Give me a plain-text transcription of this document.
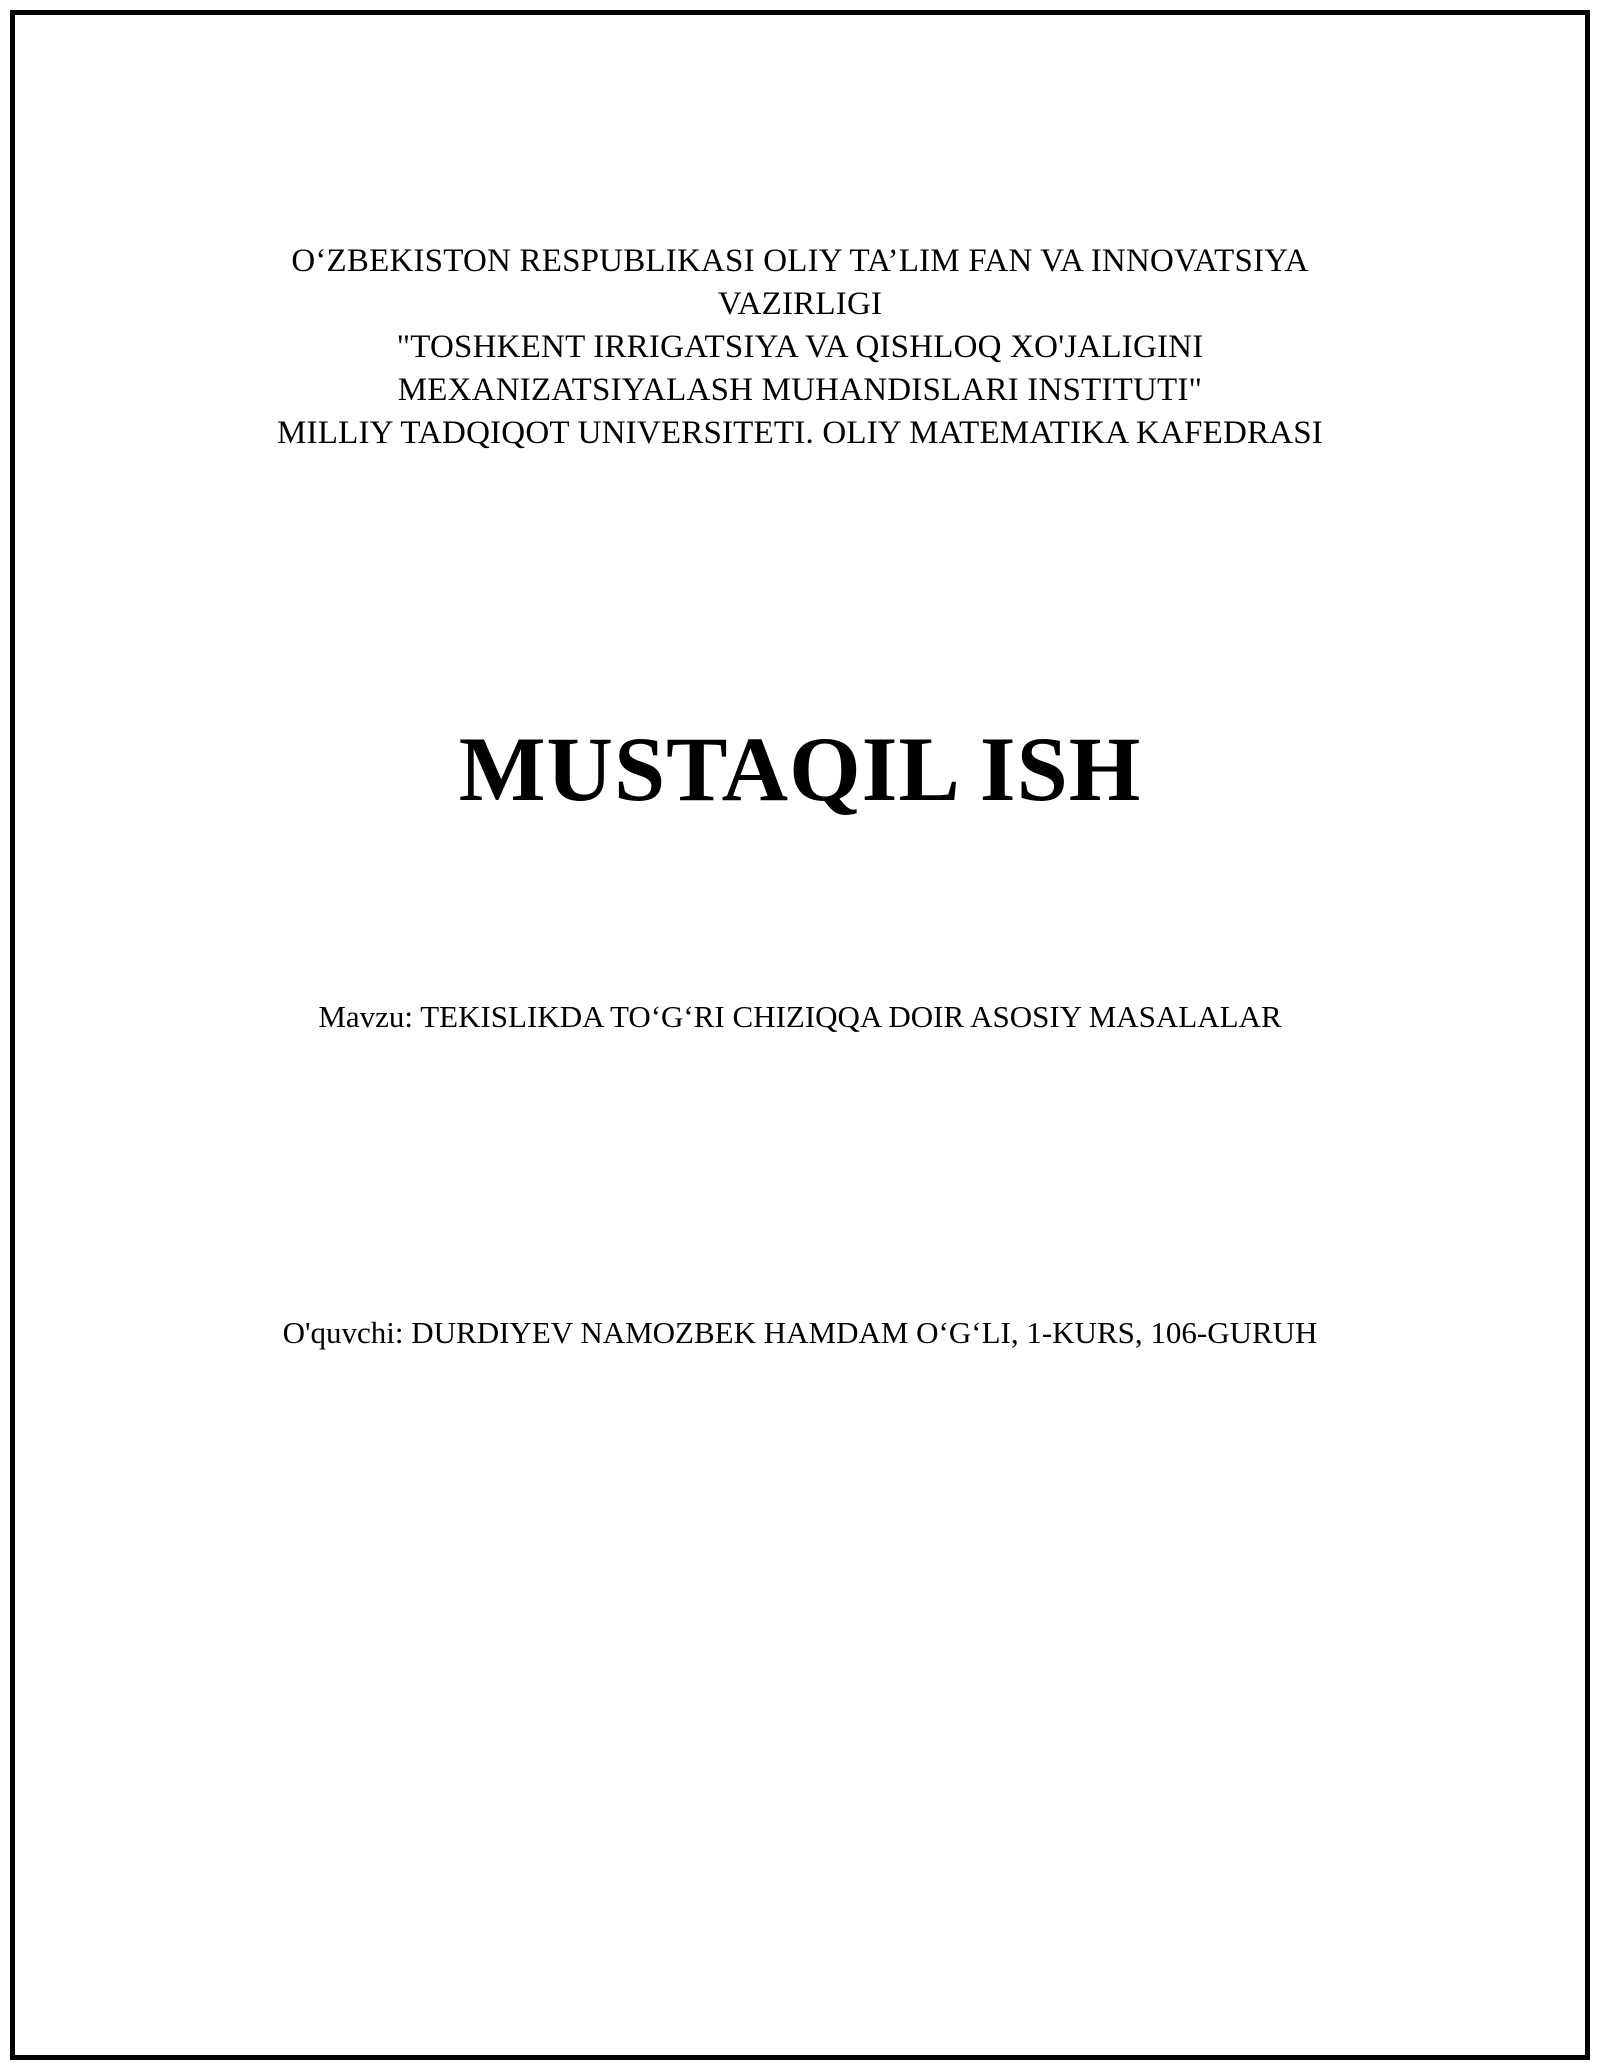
O‘ZBEKISTON RESPUBLIKASI OLIY TA’LIM FAN VA INNOVATSIYA VAZIRLIGI
"TOSHKENT IRRIGATSIYA VA QISHLOQ XO'JALIGINI MEXANIZATSIYALASH MUHANDISLARI INSTITUTI"
MILLIY TADQIQOT UNIVERSITETI. OLIY MATEMATIKA KAFEDRASI
MUSTAQIL ISH
Mavzu: TEKISLIKDA TO‘G‘RI CHIZIQQA DOIR ASOSIY MASALALAR
O'quvchi: DURDIYEV NAMOZBEK HAMDAM O‘G‘LI, 1-KURS, 106-GURUH
